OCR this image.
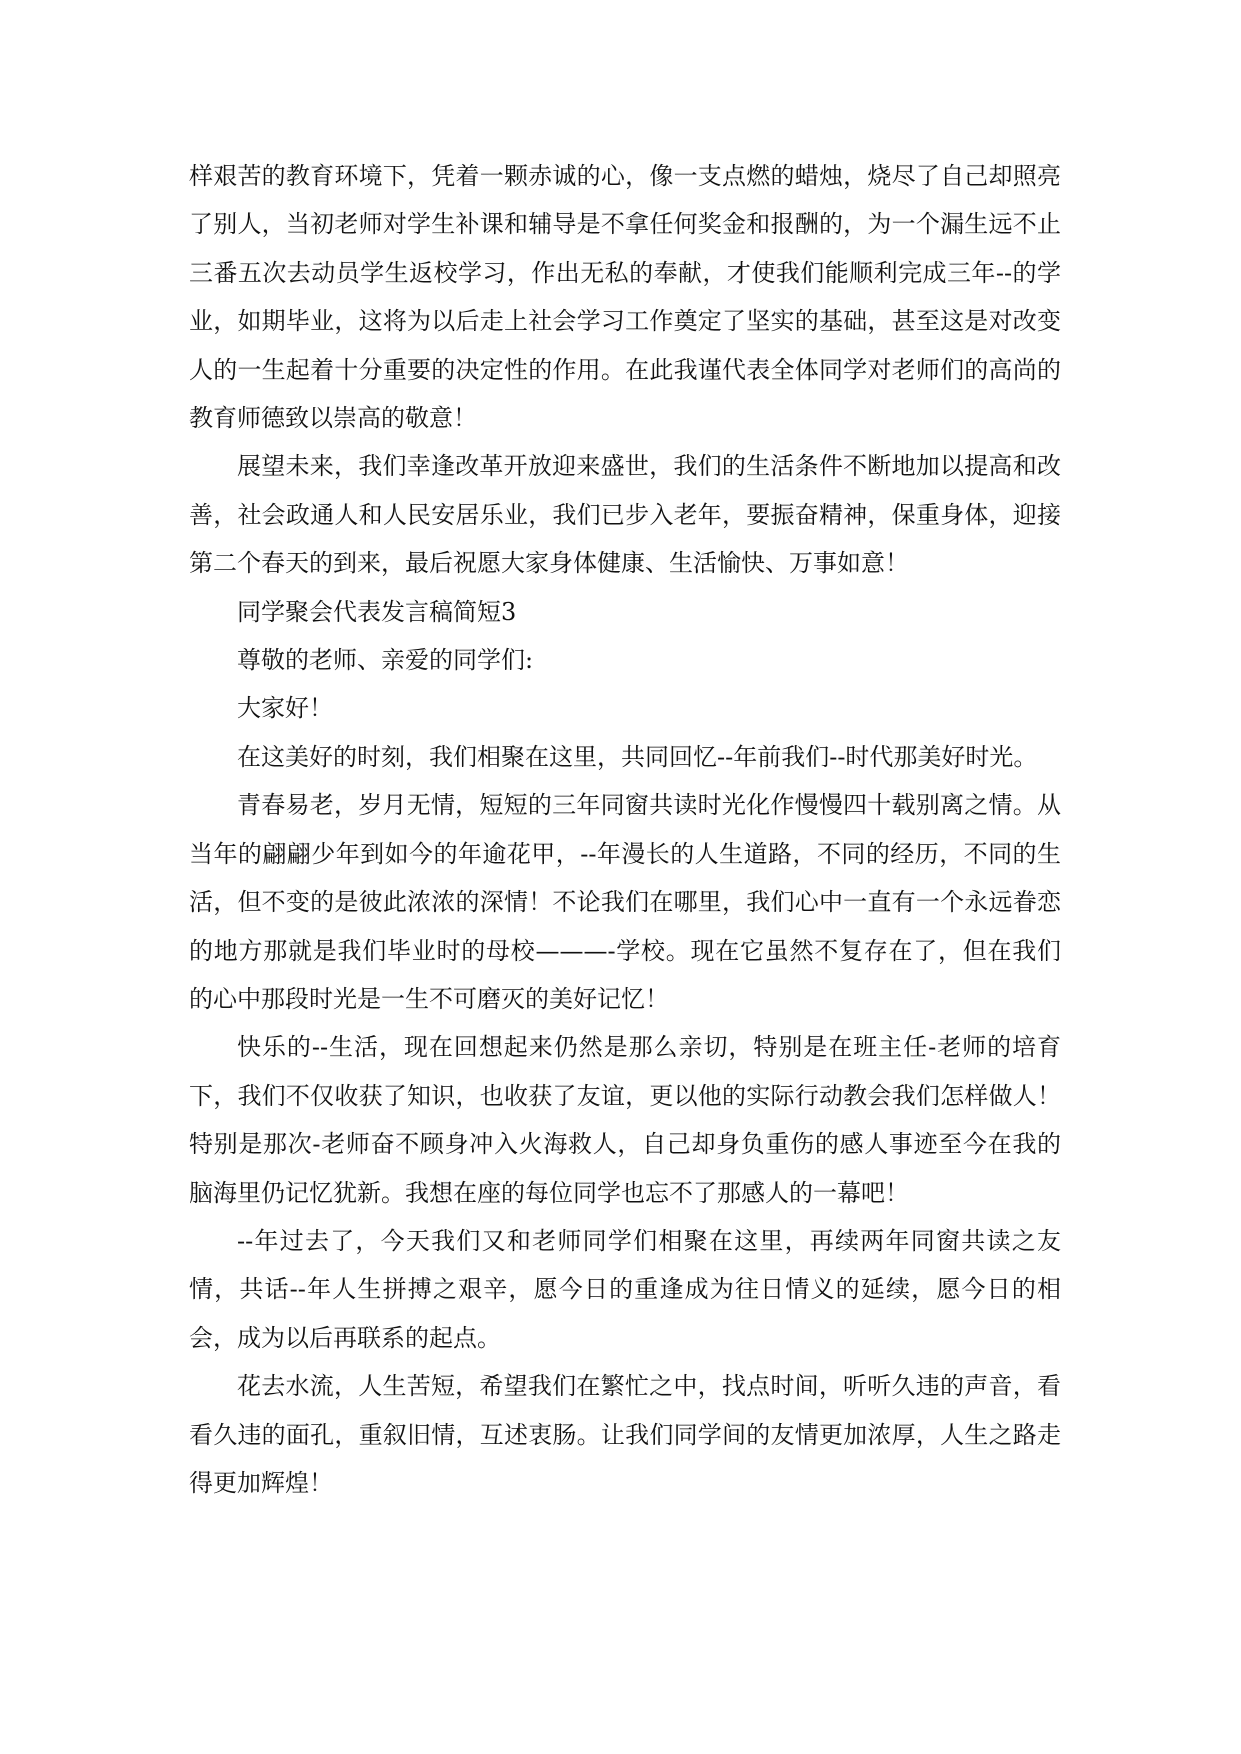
样艰苦的教育环境下，凭着一颗赤诚的心，像一支点燃的蜡烛，烧尽了自己却照亮了别人，当初老师对学生补课和辅导是不拿任何奖金和报酬的，为一个漏生远不止三番五次去动员学生返校学习，作出无私的奉献，才使我们能顺利完成三年--的学业，如期毕业，这将为以后走上社会学习工作奠定了坚实的基础，甚至这是对改变人的一生起着十分重要的决定性的作用。在此我谨代表全体同学对老师们的高尚的教育师德致以崇高的敬意！

展望未来，我们幸逢改革开放迎来盛世，我们的生活条件不断地加以提高和改善，社会政通人和人民安居乐业，我们已步入老年，要振奋精神，保重身体，迎接第二个春天的到来，最后祝愿大家身体健康、生活愉快、万事如意！

同学聚会代表发言稿简短3

尊敬的老师、亲爱的同学们:

大家好！

在这美好的时刻，我们相聚在这里，共同回忆--年前我们--时代那美好时光。

青春易老，岁月无情，短短的三年同窗共读时光化作慢慢四十载别离之情。从当年的翩翩少年到如今的年逾花甲，--年漫长的人生道路，不同的经历，不同的生活，但不变的是彼此浓浓的深情！不论我们在哪里，我们心中一直有一个永远眷恋的地方那就是我们毕业时的母校———-学校。现在它虽然不复存在了，但在我们的心中那段时光是一生不可磨灭的美好记忆！

快乐的--生活，现在回想起来仍然是那么亲切，特别是在班主任-老师的培育下，我们不仅收获了知识，也收获了友谊，更以他的实际行动教会我们怎样做人！特别是那次-老师奋不顾身冲入火海救人，自己却身负重伤的感人事迹至今在我的脑海里仍记忆犹新。我想在座的每位同学也忘不了那感人的一幕吧！

--年过去了，今天我们又和老师同学们相聚在这里，再续两年同窗共读之友情，共话--年人生拼搏之艰辛，愿今日的重逢成为往日情义的延续，愿今日的相会，成为以后再联系的起点。

花去水流，人生苦短，希望我们在繁忙之中，找点时间，听听久违的声音，看看久违的面孔，重叙旧情，互述衷肠。让我们同学间的友情更加浓厚，人生之路走得更加辉煌！
